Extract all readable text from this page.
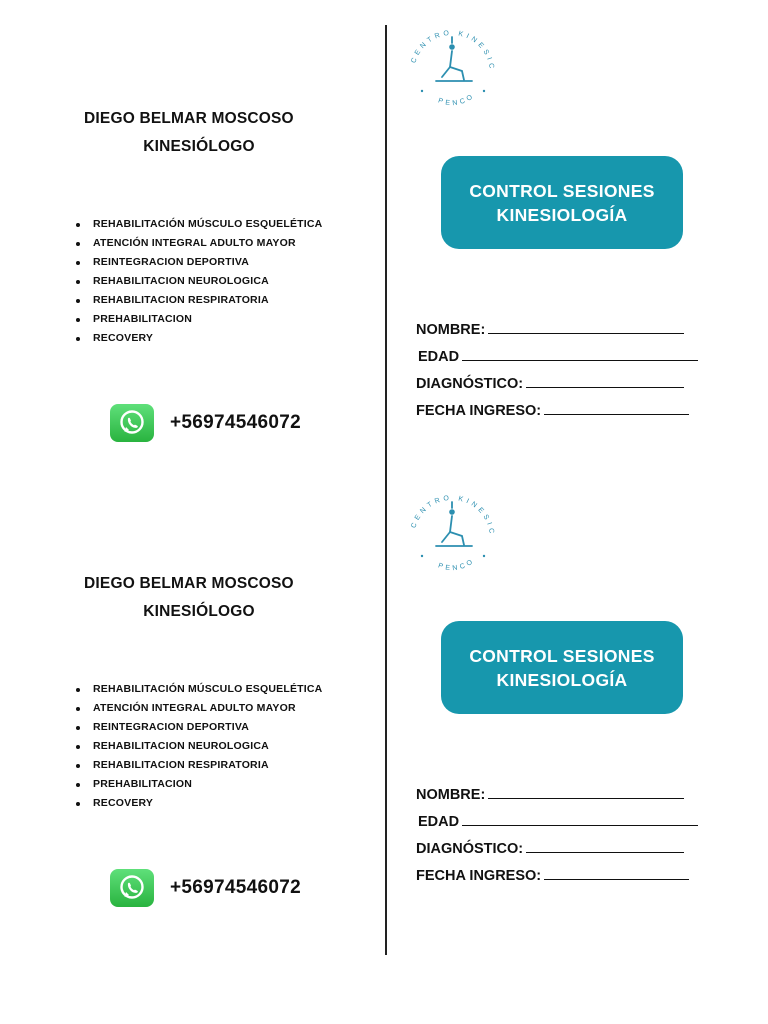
DIEGO BELMAR MOSCOSO
KINESIÓLOGO
REHABILITACIÓN MÚSCULO ESQUELÉTICA
ATENCIÓN INTEGRAL ADULTO MAYOR
REINTEGRACION DEPORTIVA
REHABILITACION NEUROLOGICA
REHABILITACION RESPIRATORIA
PREHABILITACION
RECOVERY
+56974546072
CENTRO KINESIC
PENCO
CONTROL SESIONES
KINESIOLOGÍA
NOMBRE:
EDAD
DIAGNÓSTICO:
FECHA INGRESO:
DIEGO BELMAR MOSCOSO
KINESIÓLOGO
REHABILITACIÓN MÚSCULO ESQUELÉTICA
ATENCIÓN INTEGRAL ADULTO MAYOR
REINTEGRACION DEPORTIVA
REHABILITACION NEUROLOGICA
REHABILITACION RESPIRATORIA
PREHABILITACION
RECOVERY
+56974546072
CENTRO KINESIC
PENCO
CONTROL SESIONES
KINESIOLOGÍA
NOMBRE:
EDAD
DIAGNÓSTICO:
FECHA INGRESO:
